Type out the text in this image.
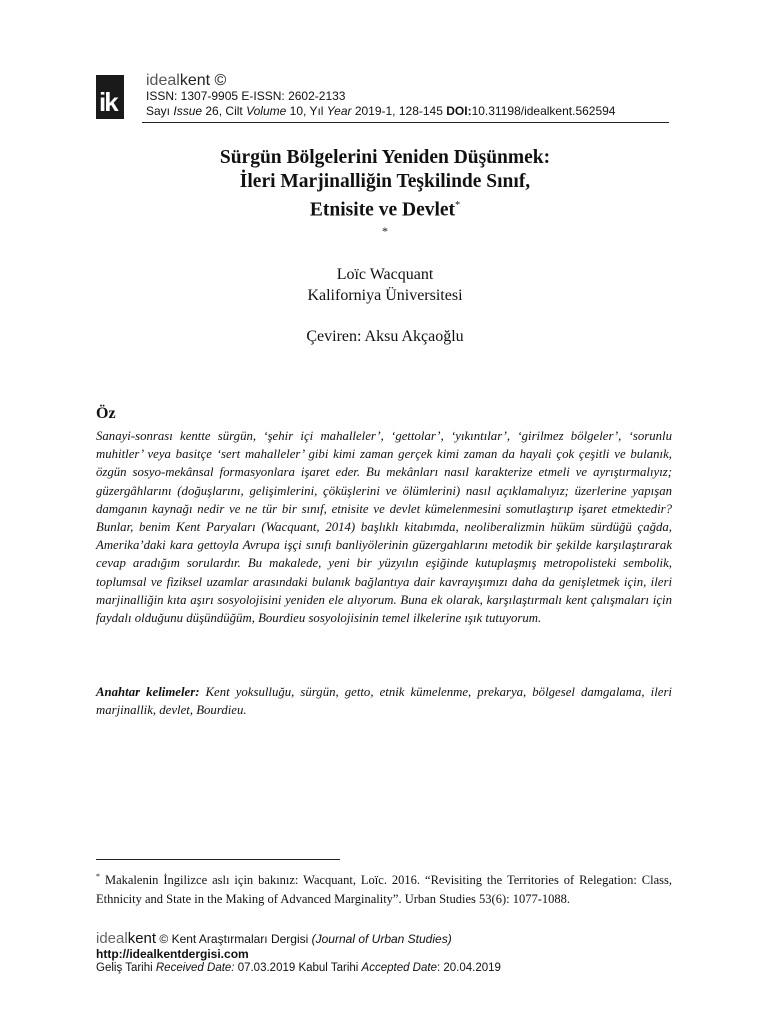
ik
idealkent ©
ISSN: 1307-9905 E-ISSN: 2602-2133
Sayı Issue 26, Cilt Volume 10, Yıl Year 2019-1, 128-145 DOI:10.31198/idealkent.562594
Sürgün Bölgelerini Yeniden Düşünmek:
İleri Marjinalliğin Teşkilinde Sınıf,
Etnisite ve Devlet*
*
Loïc Wacquant
Kaliforniya Üniversitesi
Çeviren: Aksu Akçaoğlu
Öz
Sanayi-sonrası kentte sürgün, ‘şehir içi mahalleler’, ‘gettolar’, ‘yıkıntılar’, ‘girilmez bölgeler’, ‘sorunlu muhitler’ veya basitçe ‘sert mahalleler’ gibi kimi zaman gerçek kimi zaman da hayali çok çeşitli ve bulanık, özgün sosyo-mekânsal formasyonlara işaret eder. Bu mekânları nasıl karakterize etmeli ve ayrıştırmalıyız; güzergâhlarını (doğuşlarını, gelişimlerini, çöküşlerini ve ölümlerini) nasıl açıklamalıyız; üzerlerine yapışan damganın kaynağı nedir ve ne tür bir sınıf, etnisite ve devlet kümelenmesini somutlaştırıp işaret etmektedir? Bunlar, benim Kent Paryaları (Wacquant, 2014) başlıklı kitabımda, neoliberalizmin hüküm sürdüğü çağda, Amerika’daki kara gettoyla Avrupa işçi sınıfı banliyölerinin güzergahlarını metodik bir şekilde karşılaştırarak cevap aradığım sorulardır. Bu makalede, yeni bir yüzyılın eşiğinde kutuplaşmış metropolisteki sembolik, toplumsal ve fiziksel uzamlar arasındaki bulanık bağlantıya dair kavrayışımızı daha da genişletmek için, ileri marjinalliğin kıta aşırı sosyolojisini yeniden ele alıyorum. Buna ek olarak, karşılaştırmalı kent çalışmaları için faydalı olduğunu düşündüğüm, Bourdieu sosyolojisinin temel ilkelerine ışık tutuyorum.
Anahtar kelimeler: Kent yoksulluğu, sürgün, getto, etnik kümelenme, prekarya, bölgesel damgalama, ileri marjinallik, devlet, Bourdieu.
* Makalenin İngilizce aslı için bakınız: Wacquant, Loïc. 2016. “Revisiting the Territories of Relegation: Class, Ethnicity and State in the Making of Advanced Marginality”. Urban Studies 53(6): 1077-1088.
idealkent © Kent Araştırmaları Dergisi (Journal of Urban Studies)
http://idealkentdergisi.com
Geliş Tarihi Received Date: 07.03.2019 Kabul Tarihi Accepted Date: 20.04.2019
